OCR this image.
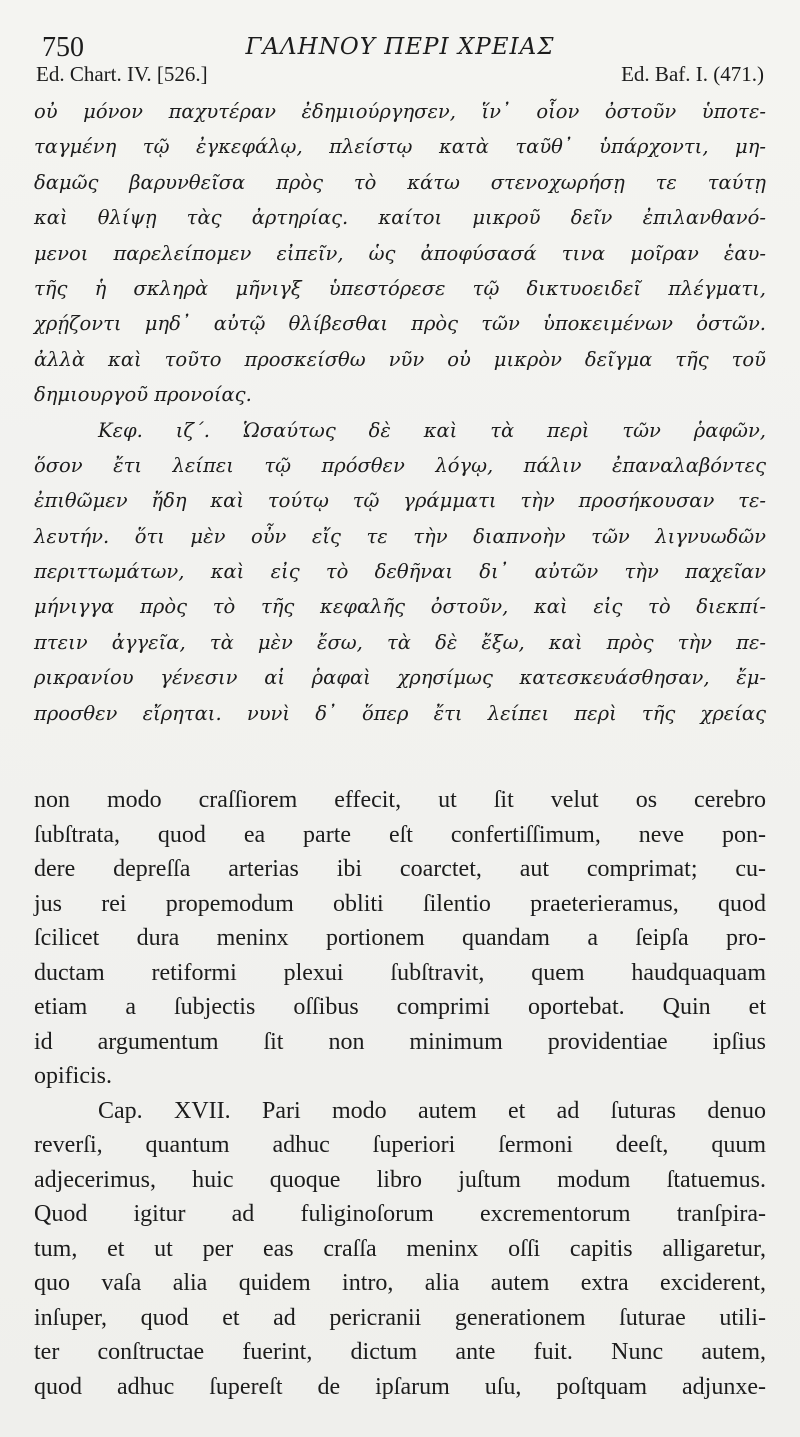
750	ΓΑΛΗΝΟΥ ΠΕΡΙ ΧΡΕΙΑΣ
Ed. Chart. IV. [526.]	Ed. Baf. I. (471.)
οὐ μόνον παχυτέραν ἐδημιούργησεν, ἵν᾿ οἷον ὀστοῦν ὑποτε-
ταγμένη τῷ ἐγκεφάλῳ, πλείστῳ κατὰ ταῦθ᾿ ὑπάρχοντι, μη-
δαμῶς βαρυνθεῖσα πρὸς τὸ κάτω στενοχωρήσῃ τε ταύτῃ
καὶ θλίψῃ τὰς ἀρτηρίας. καίτοι μικροῦ δεῖν ἐπιλανθανό-
μενοι παρελείπομεν εἰπεῖν, ὡς ἀποφύσασά τινα μοῖραν ἑαυ-
τῆς ἡ σκληρὰ μῆνιγξ ὑπεστόρεσε τῷ δικτυοειδεῖ πλέγματι,
χρῄζοντι μηδ᾿ αὐτῷ θλίβεσθαι πρὸς τῶν ὑποκειμένων ὀστῶν.
ἀλλὰ καὶ τοῦτο προσκείσθω νῦν οὐ μικρὸν δεῖγμα τῆς τοῦ
δημιουργοῦ προνοίας.
Κεφ. ιζ΄. Ὡσαύτως δὲ καὶ τὰ περὶ τῶν ῥαφῶν,
ὅσον ἔτι λείπει τῷ πρόσθεν λόγῳ, πάλιν ἐπαναλαβόντες
ἐπιθῶμεν ἤδη καὶ τούτῳ τῷ γράμματι τὴν προσήκουσαν τε-
λευτήν. ὅτι μὲν οὖν εἴς τε τὴν διαπνοὴν τῶν λιγνυωδῶν
περιττωμάτων, καὶ εἰς τὸ δεθῆναι δι᾿ αὐτῶν τὴν παχεῖαν
μήνιγγα πρὸς τὸ τῆς κεφαλῆς ὀστοῦν, καὶ εἰς τὸ διεκπί-
πτειν ἀγγεῖα, τὰ μὲν ἔσω, τὰ δὲ ἔξω, καὶ πρὸς τὴν πε-
ρικρανίου γένεσιν αἱ ῥαφαὶ χρησίμως κατεσκευάσθησαν, ἔμ-
προσθεν εἴρηται. νυνὶ δ᾿ ὅπερ ἔτι λείπει περὶ τῆς χρείας
non modo craſſiorem effecit, ut ſit velut os cerebro
ſubſtrata, quod ea parte eſt confertiſſimum, neve pon-
dere depreſſa arterias ibi coarctet, aut comprimat; cu-
jus rei propemodum obliti ſilentio praeterieramus, quod
ſcilicet dura meninx portionem quandam a ſeipſa pro-
ductam retiformi plexui ſubſtravit, quem haudquaquam
etiam a ſubjectis oſſibus comprimi oportebat. Quin et
id argumentum ſit non minimum providentiae ipſius
opificis.
Cap. XVII. Pari modo autem et ad ſuturas denuo
reverſi, quantum adhuc ſuperiori ſermoni deeſt, quum
adjecerimus, huic quoque libro juſtum modum ſtatuemus.
Quod igitur ad fuliginoſorum excrementorum tranſpira-
tum, et ut per eas craſſa meninx oſſi capitis alligaretur,
quo vaſa alia quidem intro, alia autem extra exciderent,
inſuper, quod et ad pericranii generationem ſuturae utili-
ter conſtructae fuerint, dictum ante fuit. Nunc autem,
quod adhuc ſupereſt de ipſarum uſu, poſtquam adjunxe-
